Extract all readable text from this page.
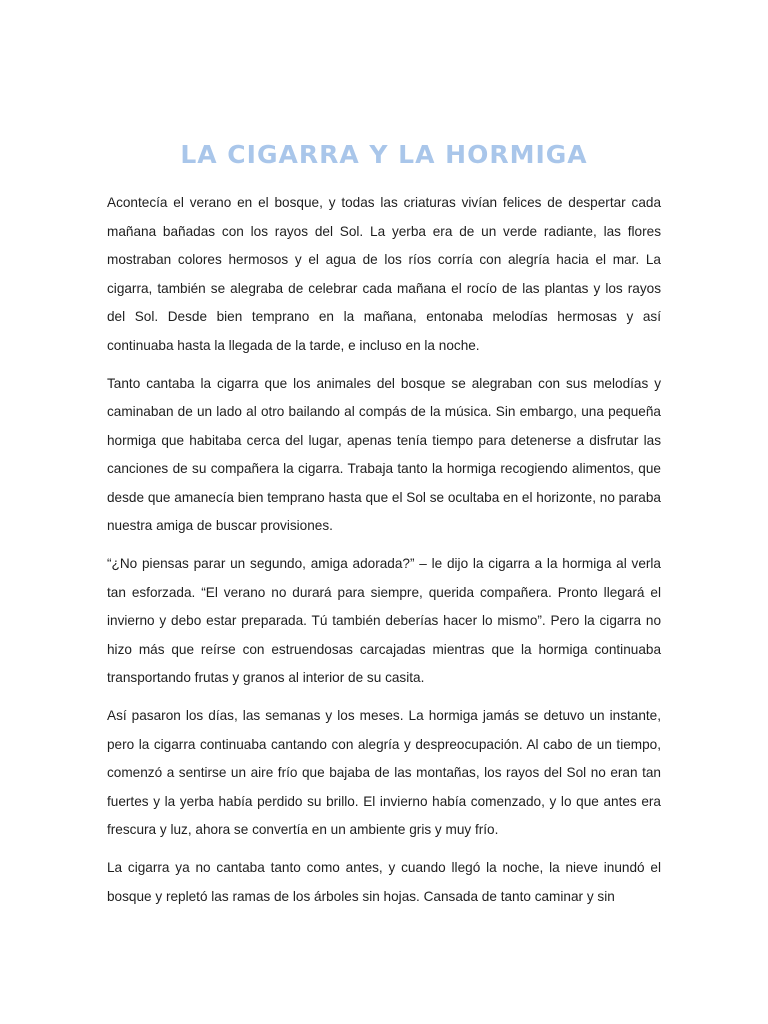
LA CIGARRA Y LA HORMIGA

Acontecía el verano en el bosque, y todas las criaturas vivían felices de despertar cada mañana bañadas con los rayos del Sol. La yerba era de un verde radiante, las flores mostraban colores hermosos y el agua de los ríos corría con alegría hacia el mar. La cigarra, también se alegraba de celebrar cada mañana el rocío de las plantas y los rayos del Sol. Desde bien temprano en la mañana, entonaba melodías hermosas y así continuaba hasta la llegada de la tarde, e incluso en la noche.

Tanto cantaba la cigarra que los animales del bosque se alegraban con sus melodías y caminaban de un lado al otro bailando al compás de la música. Sin embargo, una pequeña hormiga que habitaba cerca del lugar, apenas tenía tiempo para detenerse a disfrutar las canciones de su compañera la cigarra. Trabaja tanto la hormiga recogiendo alimentos, que desde que amanecía bien temprano hasta que el Sol se ocultaba en el horizonte, no paraba nuestra amiga de buscar provisiones.

“¿No piensas parar un segundo, amiga adorada?” – le dijo la cigarra a la hormiga al verla tan esforzada. “El verano no durará para siempre, querida compañera. Pronto llegará el invierno y debo estar preparada. Tú también deberías hacer lo mismo”. Pero la cigarra no hizo más que reírse con estruendosas carcajadas mientras que la hormiga continuaba transportando frutas y granos al interior de su casita.

Así pasaron los días, las semanas y los meses. La hormiga jamás se detuvo un instante, pero la cigarra continuaba cantando con alegría y despreocupación. Al cabo de un tiempo, comenzó a sentirse un aire frío que bajaba de las montañas, los rayos del Sol no eran tan fuertes y la yerba había perdido su brillo. El invierno había comenzado, y lo que antes era frescura y luz, ahora se convertía en un ambiente gris y muy frío.

La cigarra ya no cantaba tanto como antes, y cuando llegó la noche, la nieve inundó el bosque y repletó las ramas de los árboles sin hojas. Cansada de tanto caminar y sin
